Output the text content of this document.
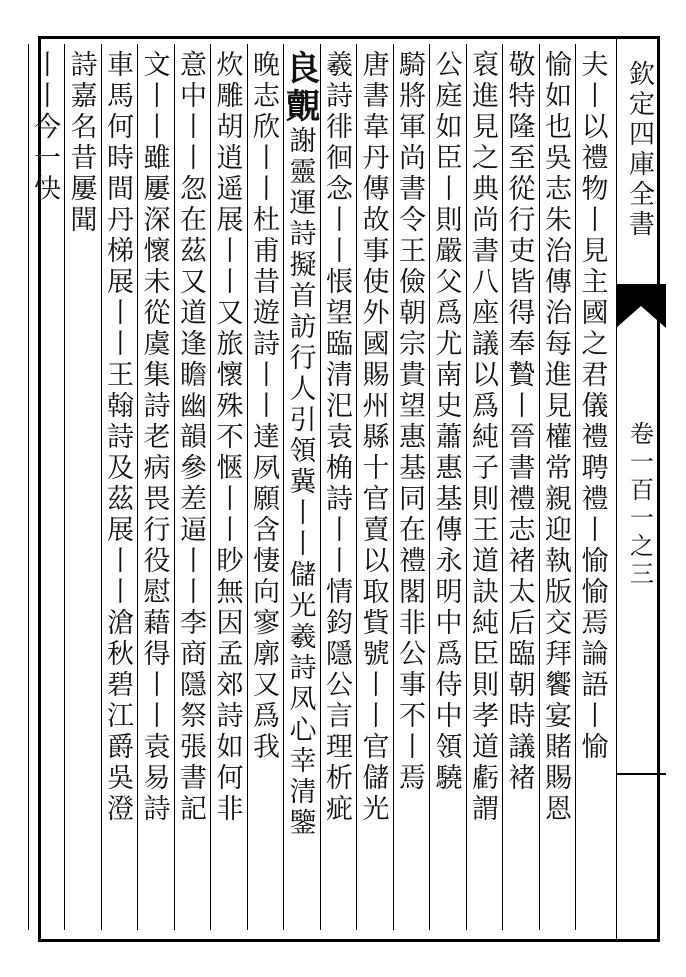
欽定四庫全書
卷一百一之三
夫
丨
以
禮
物
丨
見
主
國
之
君
儀
禮
聘
禮
丨
愉
愉
焉
論
語
丨
愉
愉
如
也
吳
志
朱
治
傳
治
每
進
見
權
常
親
迎
執
版
交
拜
饗
宴
賭
賜
恩
敬
特
隆
至
從
行
吏
皆
得
奉
贄
丨
晉
書
禮
志
褚
太
后
臨
朝
時
議
褚
裒
進
見
之
典
尚
書
八
座
議
以
爲
純
子
則
王
道
訣
純
臣
則
孝
道
虧
謂
公
庭
如
臣
丨
則
嚴
父
爲
尤
南
史
蕭
惠
基
傳
永
明
中
爲
侍
中
領
驍
騎
將
軍
尚
書
令
王
儉
朝
宗
貴
望
惠
基
同
在
禮
閣
非
公
事
不
丨
焉
唐
書
韋
丹
傳
故
事
使
外
國
賜
州
縣
十
官
賣
以
取
貲
號
丨
丨
官
儲
光
羲
詩
徘
徊
念
丨
丨
悵
望
臨
清
汜
袁
桷
詩
丨
丨
情
鈞
隱
公
言
理
析
疵
良
覿
謝
靈
運
詩
擬
首
訪
行
人
引
領
冀
丨
丨
儲
光
羲
詩
凤
心
幸
清
鑒
晚
志
欣
丨
丨
杜
甫
昔
遊
詩
丨
丨
達
夙
願
含
悽
向
寥
廓
又
爲
我
炊
雕
胡
逍
遥
展
丨
丨
又
旅
懷
殊
不
愜
丨
丨
眇
無
因
孟
郊
詩
如
何
非
意
中
丨
丨
忽
在
茲
又
道
逢
瞻
幽
韻
參
差
逼
丨
丨
李
商
隱
祭
張
書
記
文
丨
丨
雖
屢
深
懷
未
從
虞
集
詩
老
病
畏
行
役
慰
藉
得
丨
丨
袁
易
詩
車
馬
何
時
間
丹
梯
展
丨
丨
王
翰
詩
及
茲
展
丨
丨
滄
秋
碧
江
爵
吳
澄
詩
嘉
名
昔
屢
聞
丨
丨
今
一
快
